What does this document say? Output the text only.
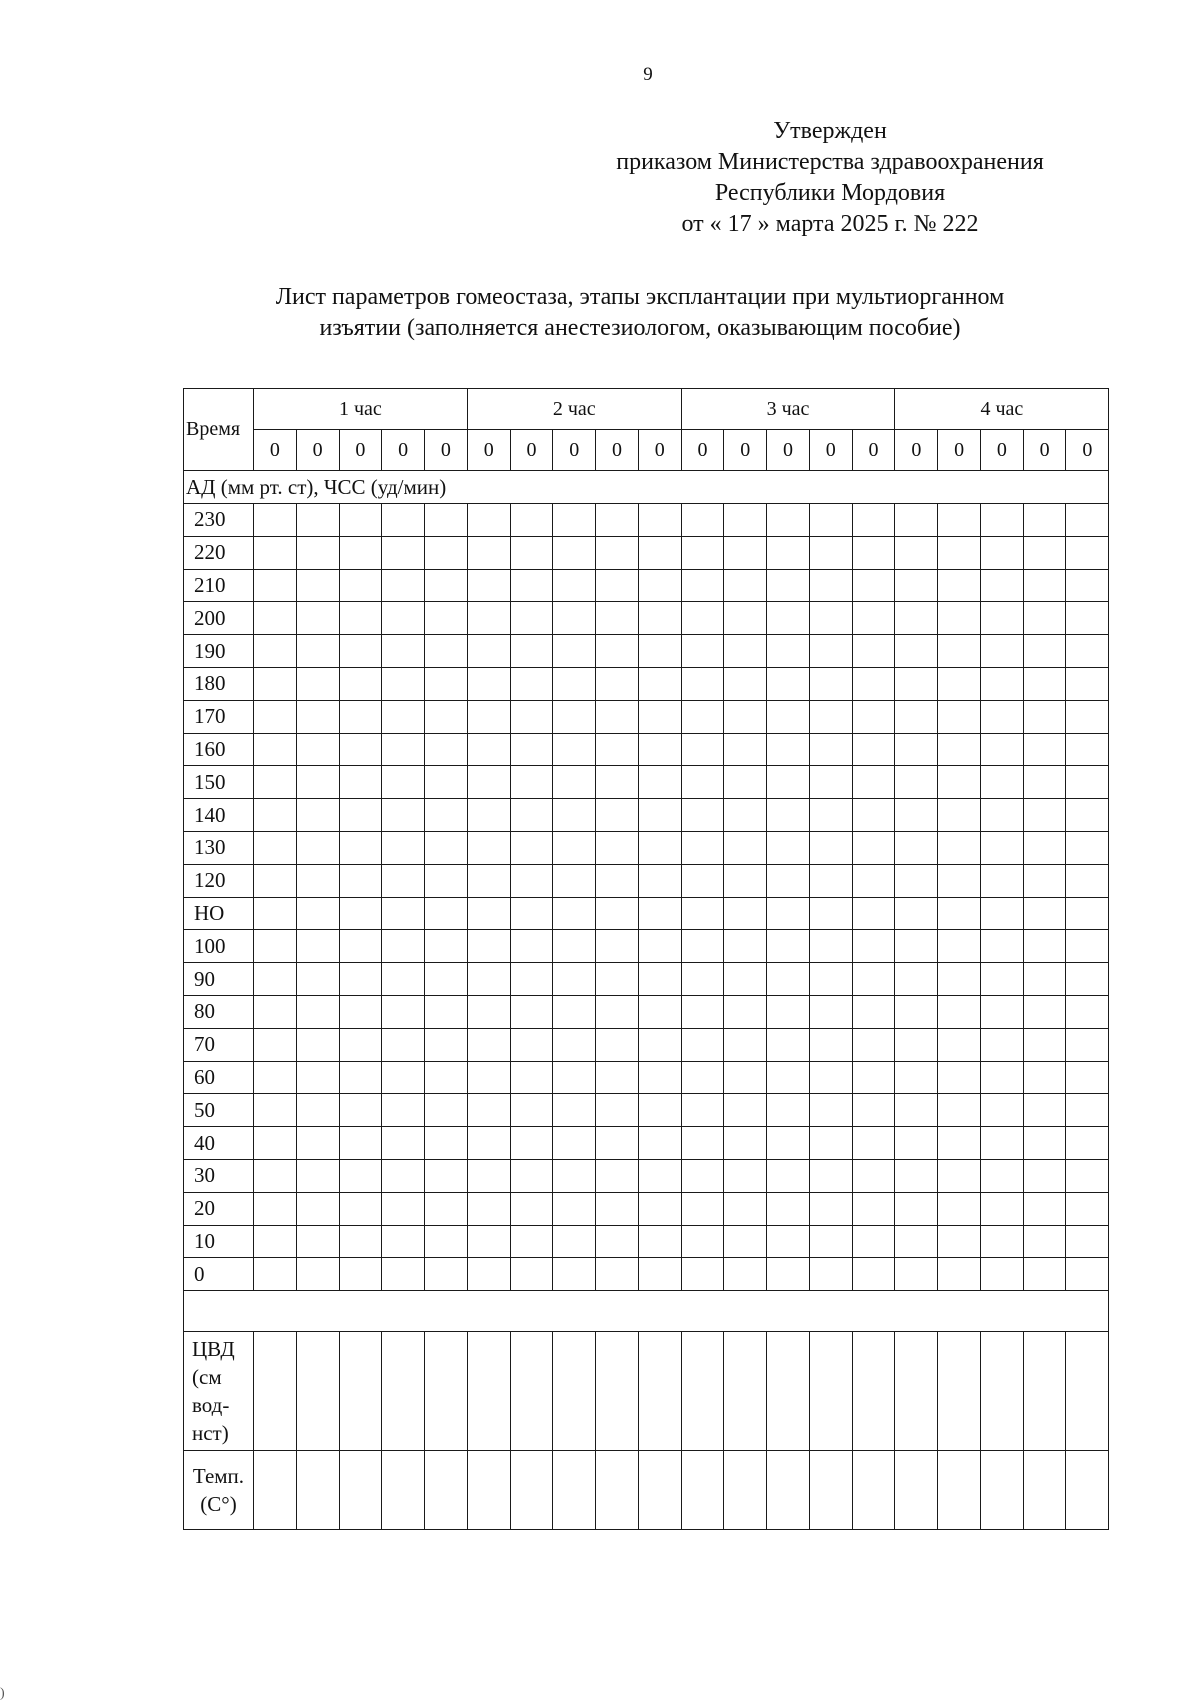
9
Утвержден
приказом Министерства здравоохранения
Республики Мордовия
от « 17 » марта 2025 г. № 222
Лист параметров гомеостаза, этапы эксплантации при мультиорганном
изъятии (заполняется анестезиологом, оказывающим пособие)
Время	1 час					2 час					3 час					4 час				
	0	0	0	0	0	0	0	0	0	0	0	0	0	0	0	0	0	0	0	0
АД (мм рт. ст), ЧСС (уд/мин)																				
230																				
220																				
210																				
200																				
190																				
180																				
170																				
160																				
150																				
140																				
130																				
120																				
НО																				
100																				
90																				
80																				
70																				
60																				
50																				
40																				
30																				
20																				
10																				
0																				

ЦВД
(см
вод-
нст)																				

Темп.
(С°)																				

)
